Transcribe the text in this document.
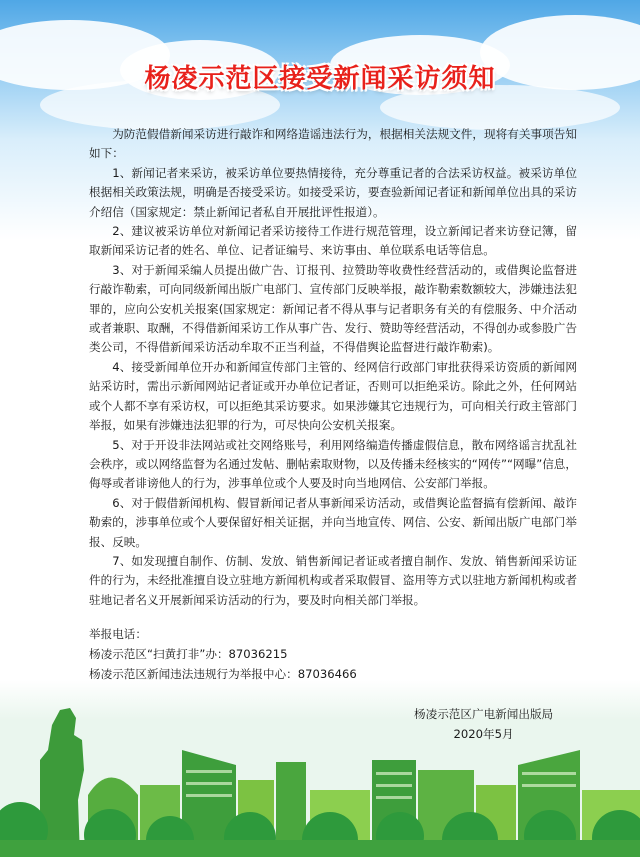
杨凌示范区接受新闻采访须知

为防范假借新闻采访进行敲诈和网络造谣违法行为，根据相关法规文件，现将有关事项告知如下：

1、新闻记者来采访，被采访单位要热情接待，充分尊重记者的合法采访权益。被采访单位根据相关政策法规，明确是否接受采访。如接受采访，要查验新闻记者证和新闻单位出具的采访介绍信（国家规定：禁止新闻记者私自开展批评性报道）。

2、建议被采访单位对新闻记者采访接待工作进行规范管理，设立新闻记者来访登记簿，留取新闻采访记者的姓名、单位、记者证编号、来访事由、单位联系电话等信息。

3、对于新闻采编人员提出做广告、订报刊、拉赞助等收费性经营活动的，或借舆论监督进行敲诈勒索，可向同级新闻出版广电部门、宣传部门反映举报，敲诈勒索数额较大，涉嫌违法犯罪的，应向公安机关报案(国家规定：新闻记者不得从事与记者职务有关的有偿服务、中介活动或者兼职、取酬，不得借新闻采访工作从事广告、发行、赞助等经营活动，不得创办或参股广告类公司，不得借新闻采访活动牟取不正当利益，不得借舆论监督进行敲诈勒索)。

4、接受新闻单位开办和新闻宣传部门主管的、经网信行政部门审批获得采访资质的新闻网站采访时，需出示新闻网站记者证或开办单位记者证，否则可以拒绝采访。除此之外，任何网站或个人都不享有采访权，可以拒绝其采访要求。如果涉嫌其它违规行为，可向相关行政主管部门举报，如果有涉嫌违法犯罪的行为，可尽快向公安机关报案。

5、对于开设非法网站或社交网络账号，利用网络编造传播虚假信息，散布网络谣言扰乱社会秩序，或以网络监督为名通过发帖、删帖索取财物，以及传播未经核实的“网传”“网曝”信息，侮辱或者诽谤他人的行为，涉事单位或个人要及时向当地网信、公安部门举报。

6、对于假借新闻机构、假冒新闻记者从事新闻采访活动，或借舆论监督搞有偿新闻、敲诈勒索的，涉事单位或个人要保留好相关证据，并向当地宣传、网信、公安、新闻出版广电部门举报、反映。

7、如发现擅自制作、仿制、发放、销售新闻记者证或者擅自制作、发放、销售新闻采访证件的行为，未经批准擅自设立驻地方新闻机构或者采取假冒、盗用等方式以驻地方新闻机构或者驻地记者名义开展新闻采访活动的行为，要及时向相关部门举报。

举报电话：
杨凌示范区“扫黄打非”办：87036215
杨凌示范区新闻违法违规行为举报中心：87036466
杨凌示范区广电新闻出版局
2020年5月
